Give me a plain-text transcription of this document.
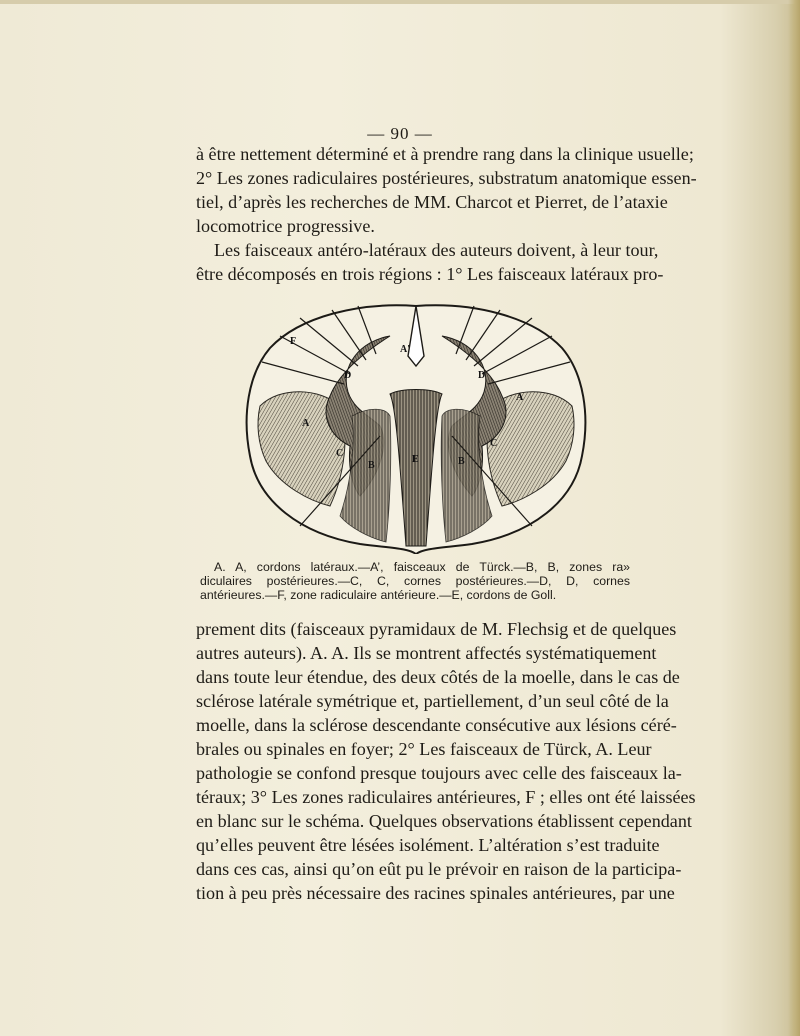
— 90 —
à être nettement déterminé et à prendre rang dans la clinique usuelle;
2° Les zones radiculaires postérieures, substratum anatomique essen-
tiel, d’après les recherches de MM. Charcot et Pierret, de l’ataxie
locomotrice progressive.
Les faisceaux antéro-latéraux des auteurs doivent, à leur tour,
être décomposés en trois régions : 1° Les faisceaux latéraux pro-
F
A
A'
D	D
A
B	B
C
C
E
A. A, cordons latéraux.—A’, faisceaux de Türck.—B, B, zones ra»
diculaires postérieures.—C, C, cornes postérieures.—D, D, cornes
antérieures.—F, zone radiculaire antérieure.—E, cordons de Goll.
prement dits (faisceaux pyramidaux de M. Flechsig et de quelques
autres auteurs). A. A. Ils se montrent affectés systématiquement
dans toute leur étendue, des deux côtés de la moelle, dans le cas de
sclérose latérale symétrique et, partiellement, d’un seul côté de la
moelle, dans la sclérose descendante consécutive aux lésions céré-
brales ou spinales en foyer; 2° Les faisceaux de Türck, A. Leur
pathologie se confond presque toujours avec celle des faisceaux la-
téraux; 3° Les zones radiculaires antérieures, F ; elles ont été laissées
en blanc sur le schéma. Quelques observations établissent cependant
qu’elles peuvent être lésées isolément. L’altération s’est traduite
dans ces cas, ainsi qu’on eût pu le prévoir en raison de la participa-
tion à peu près nécessaire des racines spinales antérieures, par une
